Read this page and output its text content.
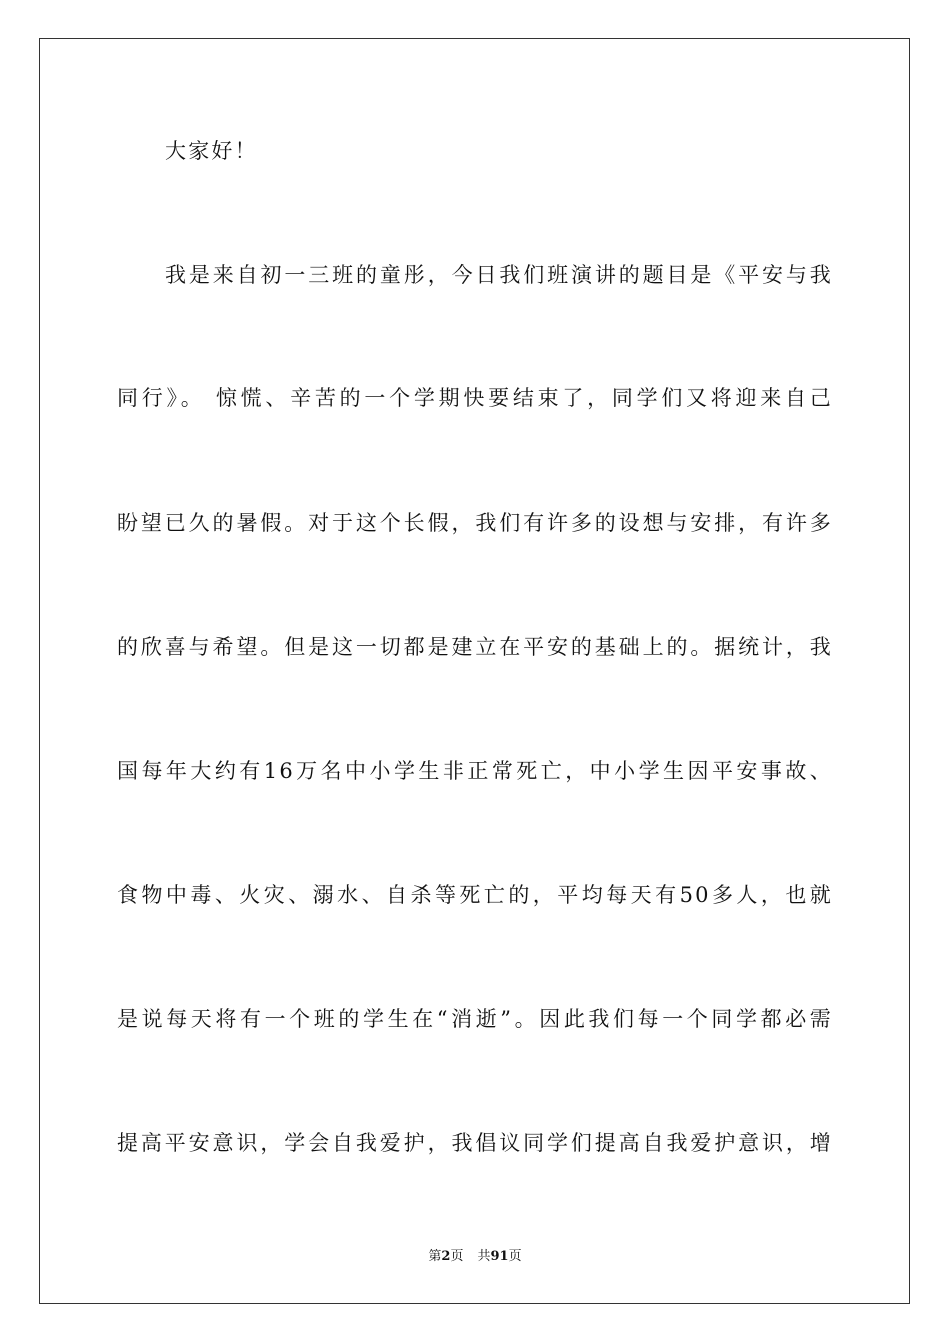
大家好！
我是来自初一三班的童彤，今日我们班演讲的题目是《平安与我
同行》。 惊慌、辛苦的一个学期快要结束了，同学们又将迎来自己
盼望已久的暑假。对于这个长假，我们有许多的设想与安排，有许多
的欣喜与希望。但是这一切都是建立在平安的基础上的。据统计，我
国每年大约有16万名中小学生非正常死亡，中小学生因平安事故、
食物中毒、火灾、溺水、自杀等死亡的，平均每天有50多人，也就
是说每天将有一个班的学生在“消逝”。因此我们每一个同学都必需
提高平安意识，学会自我爱护，我倡议同学们提高自我爱护意识，增
第2页 共91页
